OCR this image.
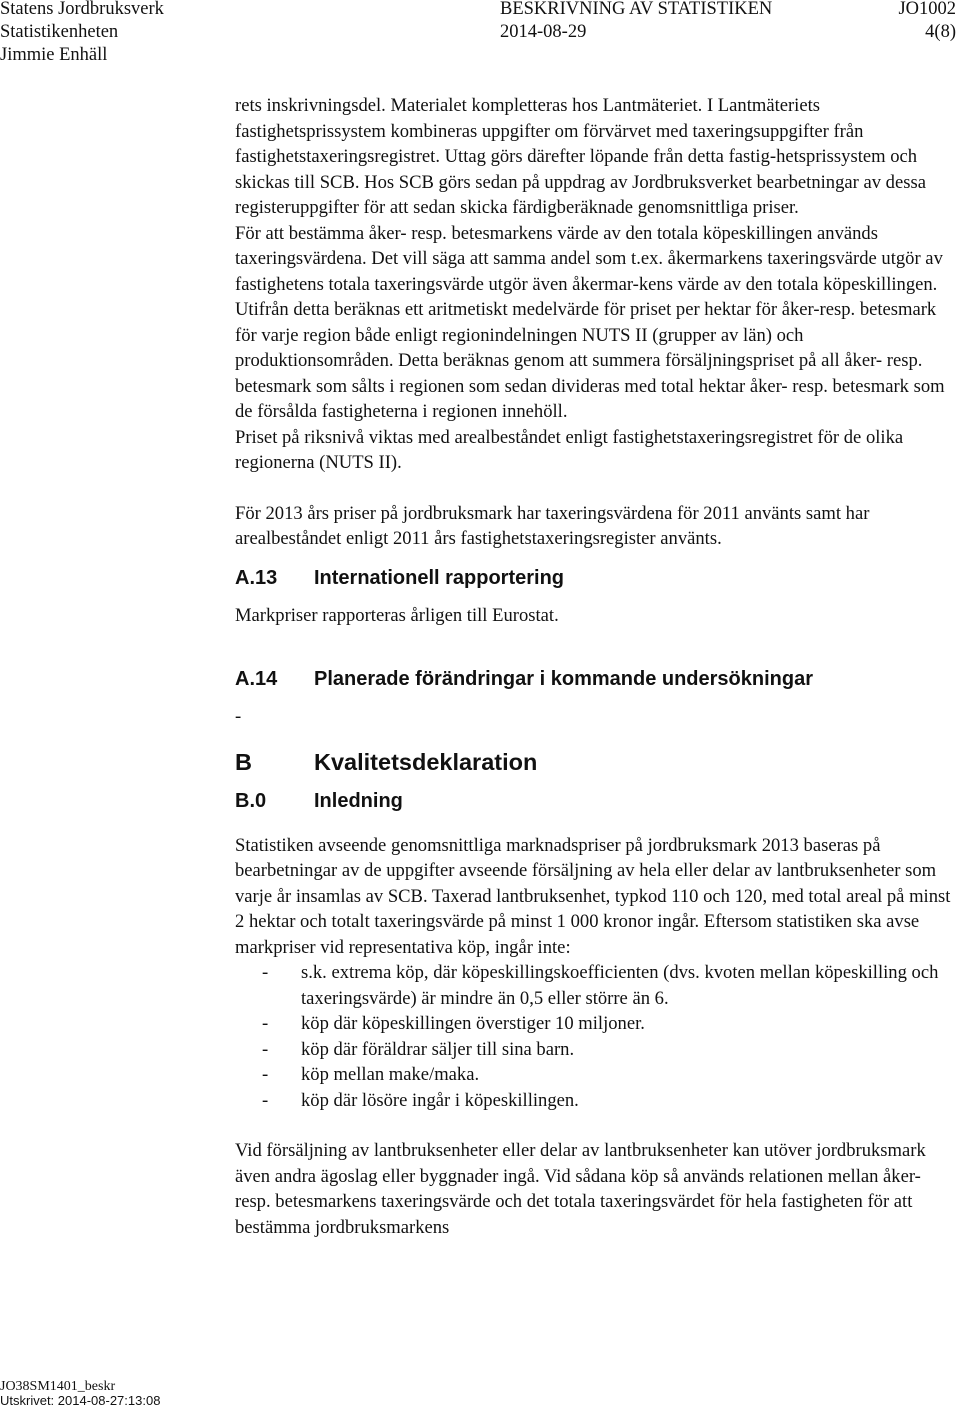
Statens Jordbruksverk	BESKRIVNING AV STATISTIKEN	JO1002
Statistikenheten	2014-08-29	4(8)
Jimmie Enhäll

rets inskrivningsdel. Materialet kompletteras hos Lantmäteriet. I Lantmäteriets fastighetsprissystem kombineras uppgifter om förvärvet med taxeringsuppgifter från fastighetstaxeringsregistret. Uttag görs därefter löpande från detta fastig-hetsprissystem och skickas till SCB. Hos SCB görs sedan på uppdrag av Jordbruksverket bearbetningar av dessa registeruppgifter för att sedan skicka färdigberäknade genomsnittliga priser.

För att bestämma åker- resp. betesmarkens värde av den totala köpeskillingen används taxeringsvärdena. Det vill säga att samma andel som t.ex. åkermarkens taxeringsvärde utgör av fastighetens totala taxeringsvärde utgör även åkermar-kens värde av den totala köpeskillingen.

Utifrån detta beräknas ett aritmetiskt medelvärde för priset per hektar för åker-resp. betesmark för varje region både enligt regionindelningen NUTS II (grupper av län) och produktionsområden. Detta beräknas genom att summera försäljningspriset på all åker- resp. betesmark som sålts i regionen som sedan divideras med total hektar åker- resp. betesmark som de försålda fastigheterna i regionen innehöll.

Priset på riksnivå viktas med arealbeståndet enligt fastighetstaxeringsregistret för de olika regionerna (NUTS II).

För 2013 års priser på jordbruksmark har taxeringsvärdena för 2011 använts samt har arealbeståndet enligt 2011 års fastighetstaxeringsregister använts.

A.13	Internationell rapportering

Markpriser rapporteras årligen till Eurostat.

A.14	Planerade förändringar i kommande undersökningar

-

B	Kvalitetsdeklaration
B.0	Inledning

Statistiken avseende genomsnittliga marknadspriser på jordbruksmark 2013 baseras på bearbetningar av de uppgifter avseende försäljning av hela eller delar av lantbruksenheter som varje år insamlas av SCB. Taxerad lantbruksenhet, typkod 110 och 120, med total areal på minst 2 hektar och totalt taxeringsvärde på minst 1 000 kronor ingår. Eftersom statistiken ska avse markpriser vid representativa köp, ingår inte:

- s.k. extrema köp, där köpeskillingskoefficienten (dvs. kvoten mellan köpeskilling och taxeringsvärde) är mindre än 0,5 eller större än 6.
- köp där köpeskillingen överstiger 10 miljoner.
- köp där föräldrar säljer till sina barn.
- köp mellan make/maka.
- köp där lösöre ingår i köpeskillingen.

Vid försäljning av lantbruksenheter eller delar av lantbruksenheter kan utöver jordbruksmark även andra ägoslag eller byggnader ingå. Vid sådana köp så används relationen mellan åker- resp. betesmarkens taxeringsvärde och det totala taxeringsvärdet för hela fastigheten för att bestämma jordbruksmarkens

JO38SM1401_beskr
Utskrivet: 2014-08-27:13:08
